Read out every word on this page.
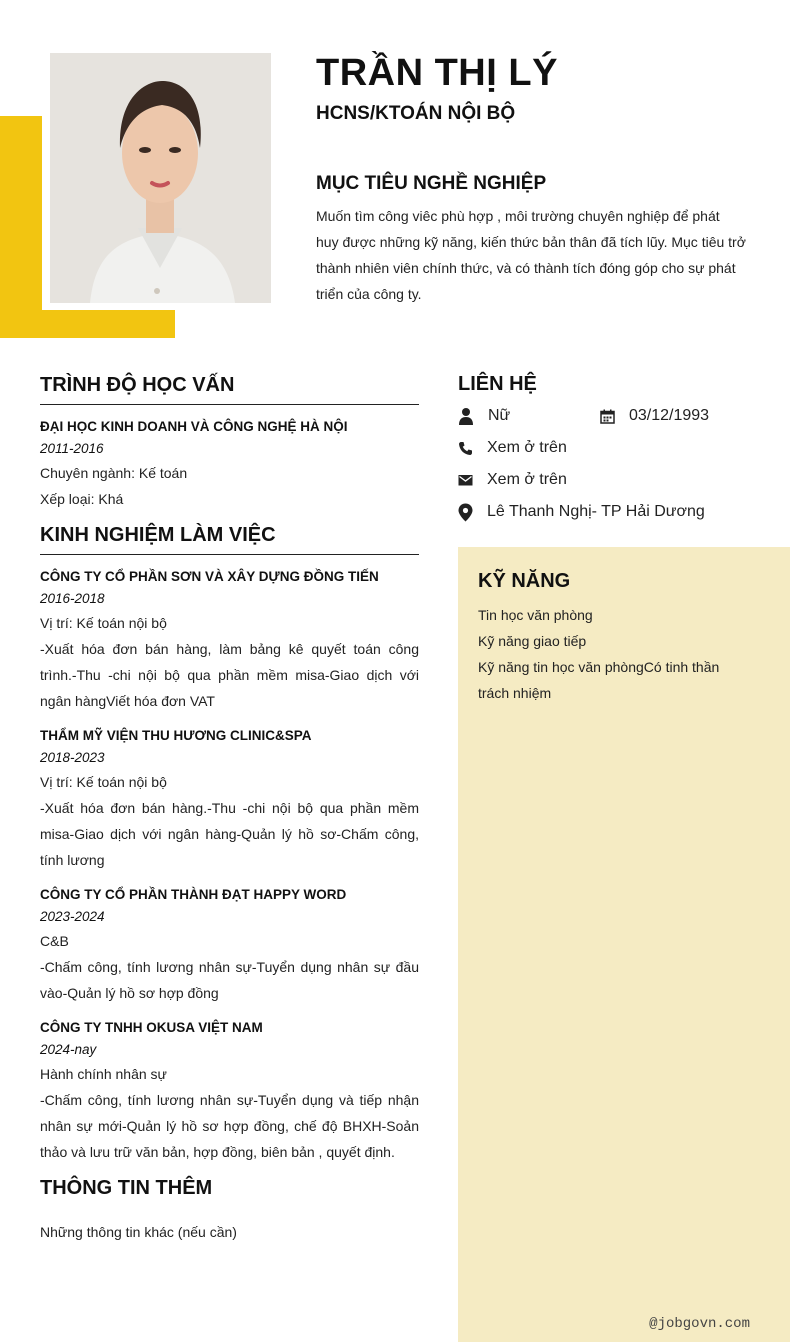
TRẦN THỊ LÝ
HCNS/KTOÁN NỘI BỘ
MỤC TIÊU NGHỀ NGHIỆP
Muốn tìm công viêc phù hợp , môi trường chuyên nghiệp để phát huy được những kỹ năng, kiến thức bản thân đã tích lũy. Mục tiêu trở thành nhiên viên chính thức, và có thành tích đóng góp cho sự phát triển của công ty.
TRÌNH ĐỘ HỌC VẤN
ĐẠI HỌC KINH DOANH VÀ CÔNG NGHỆ HÀ NỘI
2011-2016
Chuyên ngành: Kế toán
Xếp loại: Khá
KINH NGHIỆM LÀM VIỆC
CÔNG TY CỔ PHẦN SƠN VÀ XÂY DỰNG ĐỒNG TIẾN
2016-2018
Vị trí: Kế toán nội bộ
-Xuất hóa đơn bán hàng, làm bảng kê quyết toán công trình.-Thu -chi nội bộ qua phần mềm misa-Giao dịch với ngân hàngViết hóa đơn VAT
THẨM MỸ VIỆN THU HƯƠNG CLINIC&SPA
2018-2023
Vị trí: Kế toán nội bộ
-Xuất hóa đơn bán hàng.-Thu -chi nội bộ qua phần mềm misa-Giao dịch với ngân hàng-Quản lý hồ sơ-Chấm công, tính lương
CÔNG TY CỔ PHẦN THÀNH ĐẠT HAPPY WORD
2023-2024
C&B
-Chấm công, tính lương nhân sự-Tuyển dụng nhân sự đầu vào-Quản lý hồ sơ hợp đồng
CÔNG TY TNHH OKUSA VIỆT NAM
2024-nay
Hành chính nhân sự
-Chấm công, tính lương nhân sự-Tuyển dụng và tiếp nhận nhân sự mới-Quản lý hồ sơ hợp đồng, chế độ BHXH-Soản thảo và lưu trữ văn bản, hợp đồng, biên bản , quyết định.
THÔNG TIN THÊM
Những thông tin khác (nếu cần)
LIÊN HỆ
Nữ	03/12/1993
Xem ở trên
Xem ở trên
Lê Thanh Nghị- TP Hải Dương
KỸ NĂNG
Tin học văn phòng
Kỹ năng giao tiếp
Kỹ năng tin học văn phòngCó tinh thần trách nhiệm
@jobgovn.com
